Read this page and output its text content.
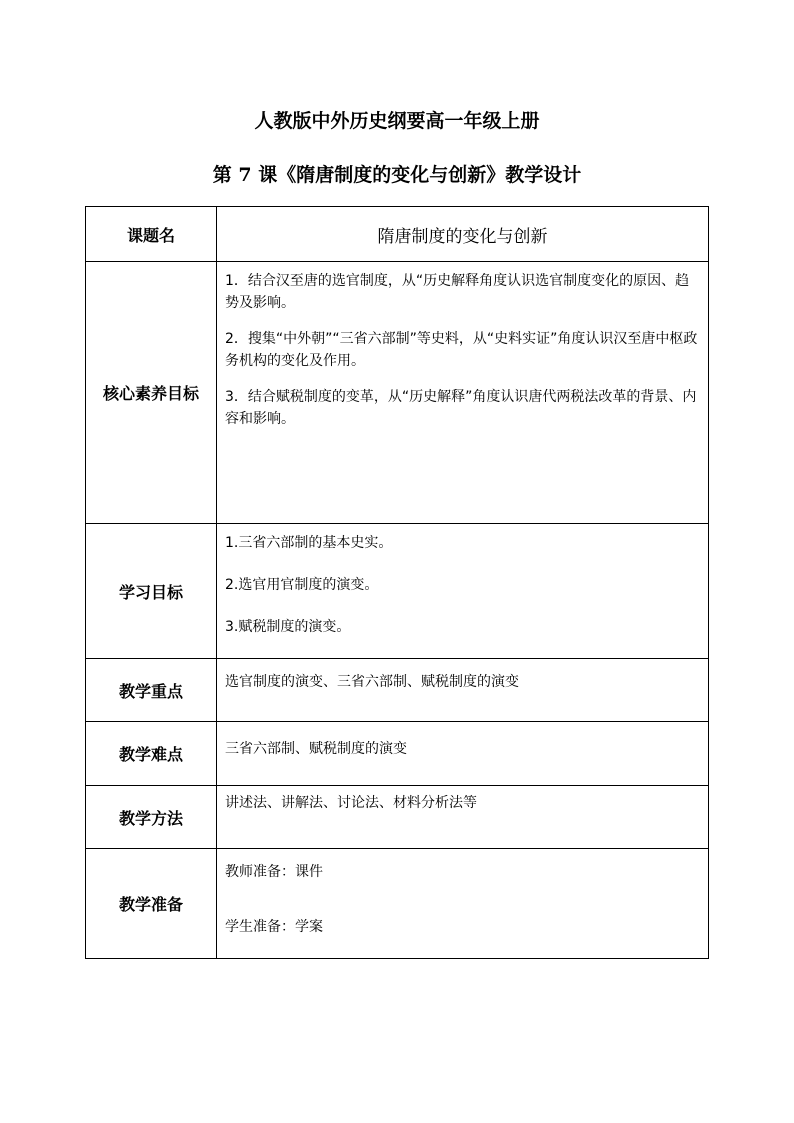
人教版中外历史纲要高一年级上册
第 7 课《隋唐制度的变化与创新》教学设计
课题名	隋唐制度的变化与创新
核心素养目标	1．结合汉至唐的选官制度，从“历史解释角度认识选官制度变化的原因、趋势及影响。

2．搜集“中外朝”“三省六部制”等史料，从“史料实证”角度认识汉至唐中枢政务机构的变化及作用。

3．结合赋税制度的变革，从“历史解释”角度认识唐代两税法改革的背景、内容和影响。

学习目标	1.三省六部制的基本史实。

2.选官用官制度的演变。

3.赋税制度的演变。

教学重点	选官制度的演变、三省六部制、赋税制度的演变
教学难点	三省六部制、赋税制度的演变
教学方法	讲述法、讲解法、讨论法、材料分析法等
教学准备	教师准备：课件

学生准备：学案
